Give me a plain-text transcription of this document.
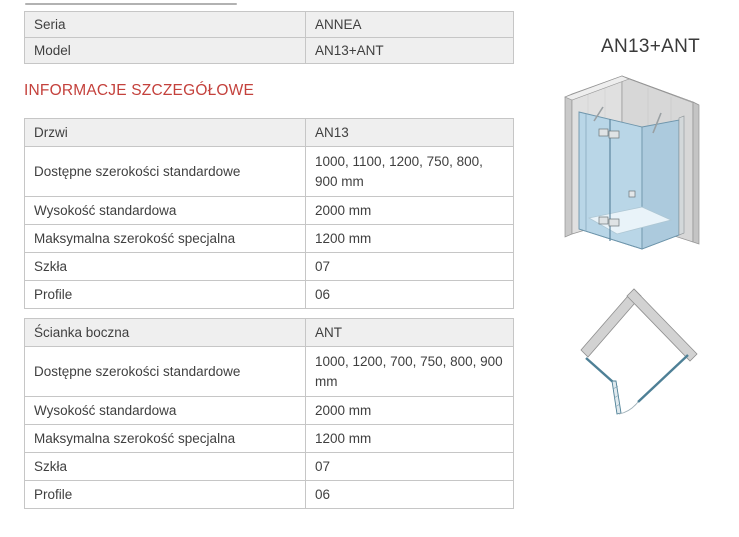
Seria	ANNEA
Model	AN13+ANT
INFORMACJE SZCZEGÓŁOWE
Drzwi	AN13
Dostępne szerokości standardowe	1000, 1100, 1200, 750, 800, 900 mm
Wysokość standardowa	2000 mm
Maksymalna szerokość specjalna	1200 mm
Szkła	07
Profile	06
Ścianka boczna	ANT
Dostępne szerokości standardowe	1000, 1200, 700, 750, 800, 900 mm
Wysokość standardowa	2000 mm
Maksymalna szerokość specjalna	1200 mm
Szkła	07
Profile	06
AN13+ANT
